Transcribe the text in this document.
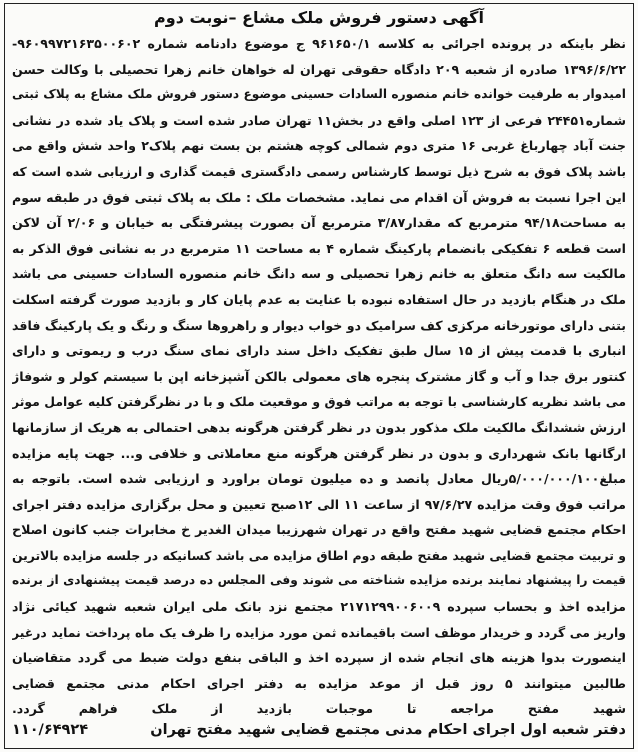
آگهی دستور فروش ملک مشاع –نوبت دوم
نظر باینکه در پرونده اجرائی به کلاسه ۹۶۱۶۵۰/۱ ج موضوع دادنامه شماره ۹۶۰۹۹۷۲۱۶۳۵۰۰۶۰۲-
۱۳۹۶/۶/۲۲ صادره از شعبه ۲۰۹ دادگاه حقوقی تهران له خواهان خانم زهرا تحصیلی با وکالت حسن
امیدوار به طرفیت خوانده خانم منصوره السادات حسینی موضوع دستور فروش ملک مشاع به پلاک ثبتی
شماره۲۴۴۵۱ فرعی از ۱۲۳ اصلی واقع در بخش۱۱ تهران صادر شده است و پلاک یاد شده در نشانی
جنت آباد چهارباغ غربی ۱۶ متری دوم شمالی کوچه هشتم بن بست نهم پلاک۲ واحد شش واقع می
باشد پلاک فوق به شرح ذیل توسط کارشناس رسمی دادگستری قیمت گذاری و ارزیابی شده است که
این اجرا نسبت به فروش آن اقدام می نماید. مشخصات ملک : ملک به پلاک ثبتی فوق در طبقه سوم
به مساحت۹۴/۱۸ مترمربع که مقدار۳/۸۷ مترمربع آن بصورت پیشرفتگی به خیابان و ۲/۰۶ آن لاکن
است قطعه ۶ تفکیکی بانضمام پارکینگ شماره ۴ به مساحت ۱۱ مترمربع در به نشانی فوق الذکر به
مالکیت سه دانگ متعلق به خانم زهرا تحصیلی و سه دانگ خانم منصوره السادات حسینی می باشد
ملک در هنگام بازدید در حال استفاده نبوده با عنایت به عدم پایان کار و بازدید صورت گرفته اسکلت
بتنی دارای موتورخانه مرکزی کف سرامیک دو خواب دیوار و راهروها سنگ و رنگ و یک پارکینگ فاقد
انباری با قدمت پیش از ۱۵ سال طبق تفکیک داخل سند دارای نمای سنگ درب و ریموتی و دارای
کنتور برق جدا و آب و گاز مشترک پنجره های معمولی بالکن آشپزخانه اپن با سیستم کولر و شوفاژ
می باشد نظریه کارشناسی با توجه به مراتب فوق و موقعیت ملک و با در نظرگرفتن کلیه عوامل موثر
ارزش ششدانگ مالکیت ملک مذکور بدون در نظر گرفتن هرگونه بدهی احتمالی به هریک از سازمانها
ارگانها بانک شهرداری و بدون در نظر گرفتن هرگونه منع معاملاتی و خلافی و... جهت پایه مزایده
مبلغ۵/۰۰۰/۰۰۰/۱۰۰ریال معادل پانصد و ده میلیون تومان براورد و ارزیابی شده است. باتوجه به
مراتب فوق وقت مزایده ۹۷/۶/۲۷ از ساعت ۱۱ الی ۱۲صبح تعیین و محل برگزاری مزایده دفتر اجرای
احکام مجتمع قضایی شهید مفتح واقع در تهران شهرزیبا میدان الغدیر خ مخابرات جنب کانون اصلاح
و تربیت مجتمع قضایی شهید مفتح طبقه دوم اطاق مزایده می باشد کسانیکه در جلسه مزایده بالاترین
قیمت را پیشنهاد نمایند برنده مزایده شناخته می شوند وفی المجلس ده درصد قیمت پیشنهادی از برنده
مزایده اخذ و بحساب سپرده ۲۱۷۱۲۹۹۰۰۶۰۰۹ مجتمع نزد بانک ملی ایران شعبه شهید کیائی نژاد
واریز می گردد و خریدار موظف است باقیمانده ثمن مورد مزایده را ظرف یک ماه پرداخت نماید درغیر
اینصورت بدوا هزینه های انجام شده از سپرده اخذ و الباقی بنفع دولت ضبط می گردد متقاضیان
طالبین میتوانند ۵ روز قبل از موعد مزایده به دفتر اجرای احکام مدنی مجتمع قضایی
شهید مفتح مراجعه تا موجبات بازدید از ملک فراهم گردد.
دفتر شعبه اول اجرای احکام مدنی مجتمع قضایی شهید مفتح تهران
۱۱۰/۶۴۹۲۴
